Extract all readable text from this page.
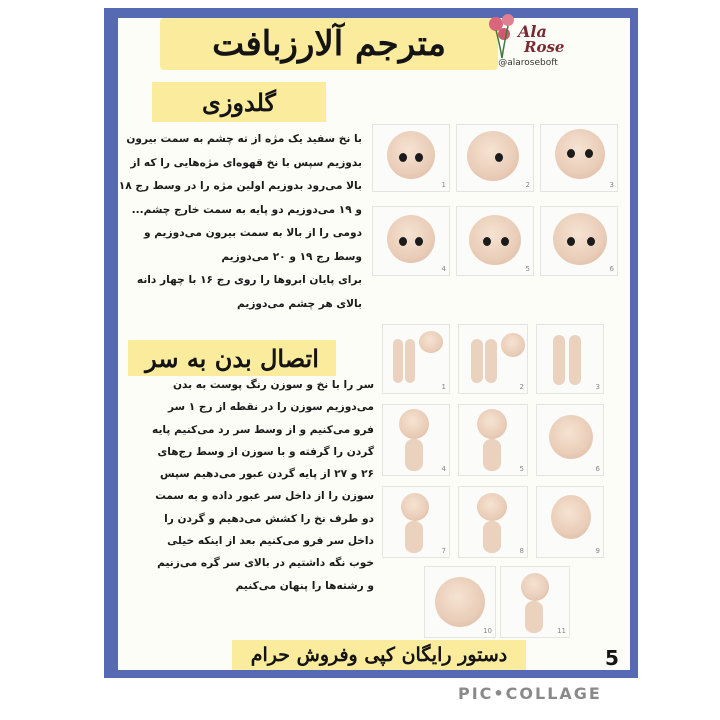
مترجم آلارزبافت	Ala
Rose
@alaroseboft
گلدوزی
با نخ سفید یک مژه از ته چشم به سمت بیرون
بدوزیم سپس با نخ قهوه‌ای مژه‌هایی را که از
بالا می‌رود بدوزیم اولین مژه را در وسط رج ۱۸
و ۱۹ می‌دوزیم دو پایه به سمت خارج چشم...
دومی را از بالا به سمت بیرون می‌دوزیم و
وسط رج ۱۹ و ۲۰ می‌دوزیم
برای پایان ابروها را روی رج ۱۶ با چهار دانه
بالای هر چشم می‌دوزیم
اتصال بدن به سر
سر را با نخ و سوزن رنگ پوست به بدن
می‌دوزیم سوزن را در نقطه از رج ۱ سر
فرو می‌کنیم و از وسط سر رد می‌کنیم پایه
گردن را گرفته و با سوزن از وسط رج‌های
۲۶ و ۲۷ از پایه گردن عبور می‌دهیم سپس
سوزن را از داخل سر عبور داده و به سمت
دو طرف نخ را کشش می‌دهیم و گردن را
داخل سر فرو می‌کنیم بعد از اینکه خیلی
خوب نگه داشتیم در بالای سر گره می‌زنیم
و رشته‌ها را پنهان می‌کنیم
1	2	3
4	5	6
1	2	3
4	5	6
7	8	9
10	11
دستور رایگان کپی وفروش حرام	5
PIC•COLLAGE
